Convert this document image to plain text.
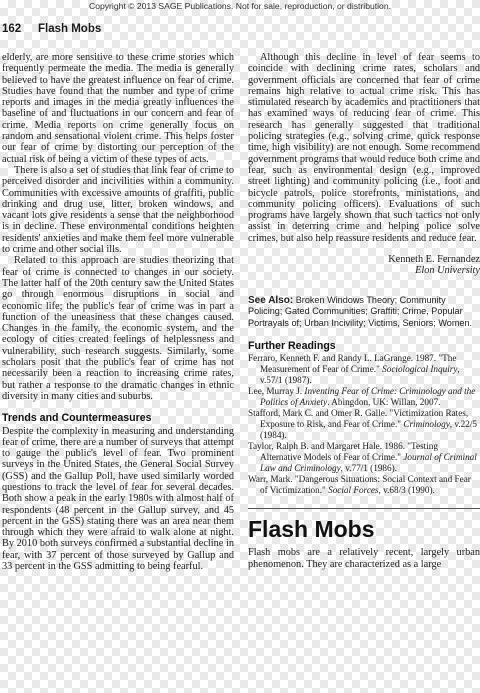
Copyright © 2013 SAGE Publications. Not for sale, reproduction, or distribution.
162 Flash Mobs

elderly, are more sensitive to these crime stories which frequently permeate the media. The media is generally believed to have the greatest influence on fear of crime. Studies have found that the number and type of crime reports and images in the media greatly influences the baseline of and fluctuations in our concern and fear of crime. Media reports on crime generally focus on random and sensational violent crime. This helps foster our fear of crime by distorting our perception of the actual risk of being a victim of these types of acts.

There is also a set of studies that link fear of crime to perceived disorder and incivilities within a community. Communities with excessive amounts of graffiti, public drinking and drug use, litter, broken windows, and vacant lots give residents a sense that the neighborhood is in decline. These environmental conditions heighten residents' anxieties and make them feel more vulnerable to crime and other social ills.

Related to this approach are studies theorizing that fear of crime is connected to changes in our society. The latter half of the 20th century saw the United States go through enormous disruptions in social and economic life; the public's fear of crime was in part a function of the uneasiness that these changes caused. Changes in the family, the economic system, and the ecology of cities created feelings of helplessness and vulnerability, such research suggests. Similarly, some scholars posit that the public's fear of crime has not necessarily been a reaction to increasing crime rates, but rather a response to the dramatic changes in ethnic diversity in many cities and suburbs.

Trends and Countermeasures

Despite the complexity in measuring and understanding fear of crime, there are a number of surveys that attempt to gauge the public's level of fear. Two prominent surveys in the United States, the General Social Survey (GSS) and the Gallup Poll, have used similarly worded questions to track the level of fear for several decades. Both show a peak in the early 1980s with almost half of respondents (48 percent in the Gallup survey, and 45 percent in the GSS) stating there was an area near them through which they were afraid to walk alone at night. By 2010 both surveys confirmed a substantial decline in fear, with 37 percent of those surveyed by Gallup and 33 percent in the GSS admitting to being fearful.

Although this decline in level of fear seems to coincide with declining crime rates, scholars and government officials are concerned that fear of crime remains high relative to actual crime risk. This has stimulated research by academics and practitioners that has examined ways of reducing fear of crime. This research has generally suggested that traditional policing strategies (e.g., solving crime, quick response time, high visibility) are not enough. Some recommend government programs that would reduce both crime and fear, such as environmental design (e.g., improved street lighting) and community policing (i.e., foot and bicycle patrols, police storefronts, ministations, and community policing officers). Evaluations of such programs have largely shown that such tactics not only assist in deterring crime and helping police solve crimes, but also help reassure residents and reduce fear.

Kenneth E. Fernandez
Elon University
See Also: Broken Windows Theory; Community Policing; Gated Communities; Graffiti; Crime, Popular Portrayals of; Urban Incivility; Victims, Seniors; Women.
Further Readings
Ferraro, Kenneth F. and Randy L. LaGrange. 1987. "The Measurement of Fear of Crime." Sociological Inquiry, v.57/1 (1987).
Lee, Murray J. Inventing Fear of Crime: Criminology and the Politics of Anxiety. Abingdon, UK: Willan, 2007.
Stafford, Mark C. and Omer R. Galle. "Victimization Rates, Exposure to Risk, and Fear of Crime." Criminology, v.22/5 (1984).
Taylor, Ralph B. and Margaret Hale. 1986. "Testing Alternative Models of Fear of Crime." Journal of Criminal Law and Criminology, v.77/1 (1986).
Warr, Mark. "Dangerous Situations: Social Context and Fear of Victimization." Social Forces, v.68/3 (1990).
Flash Mobs

Flash mobs are a relatively recent, largely urban phenomenon. They are characterized as a large
